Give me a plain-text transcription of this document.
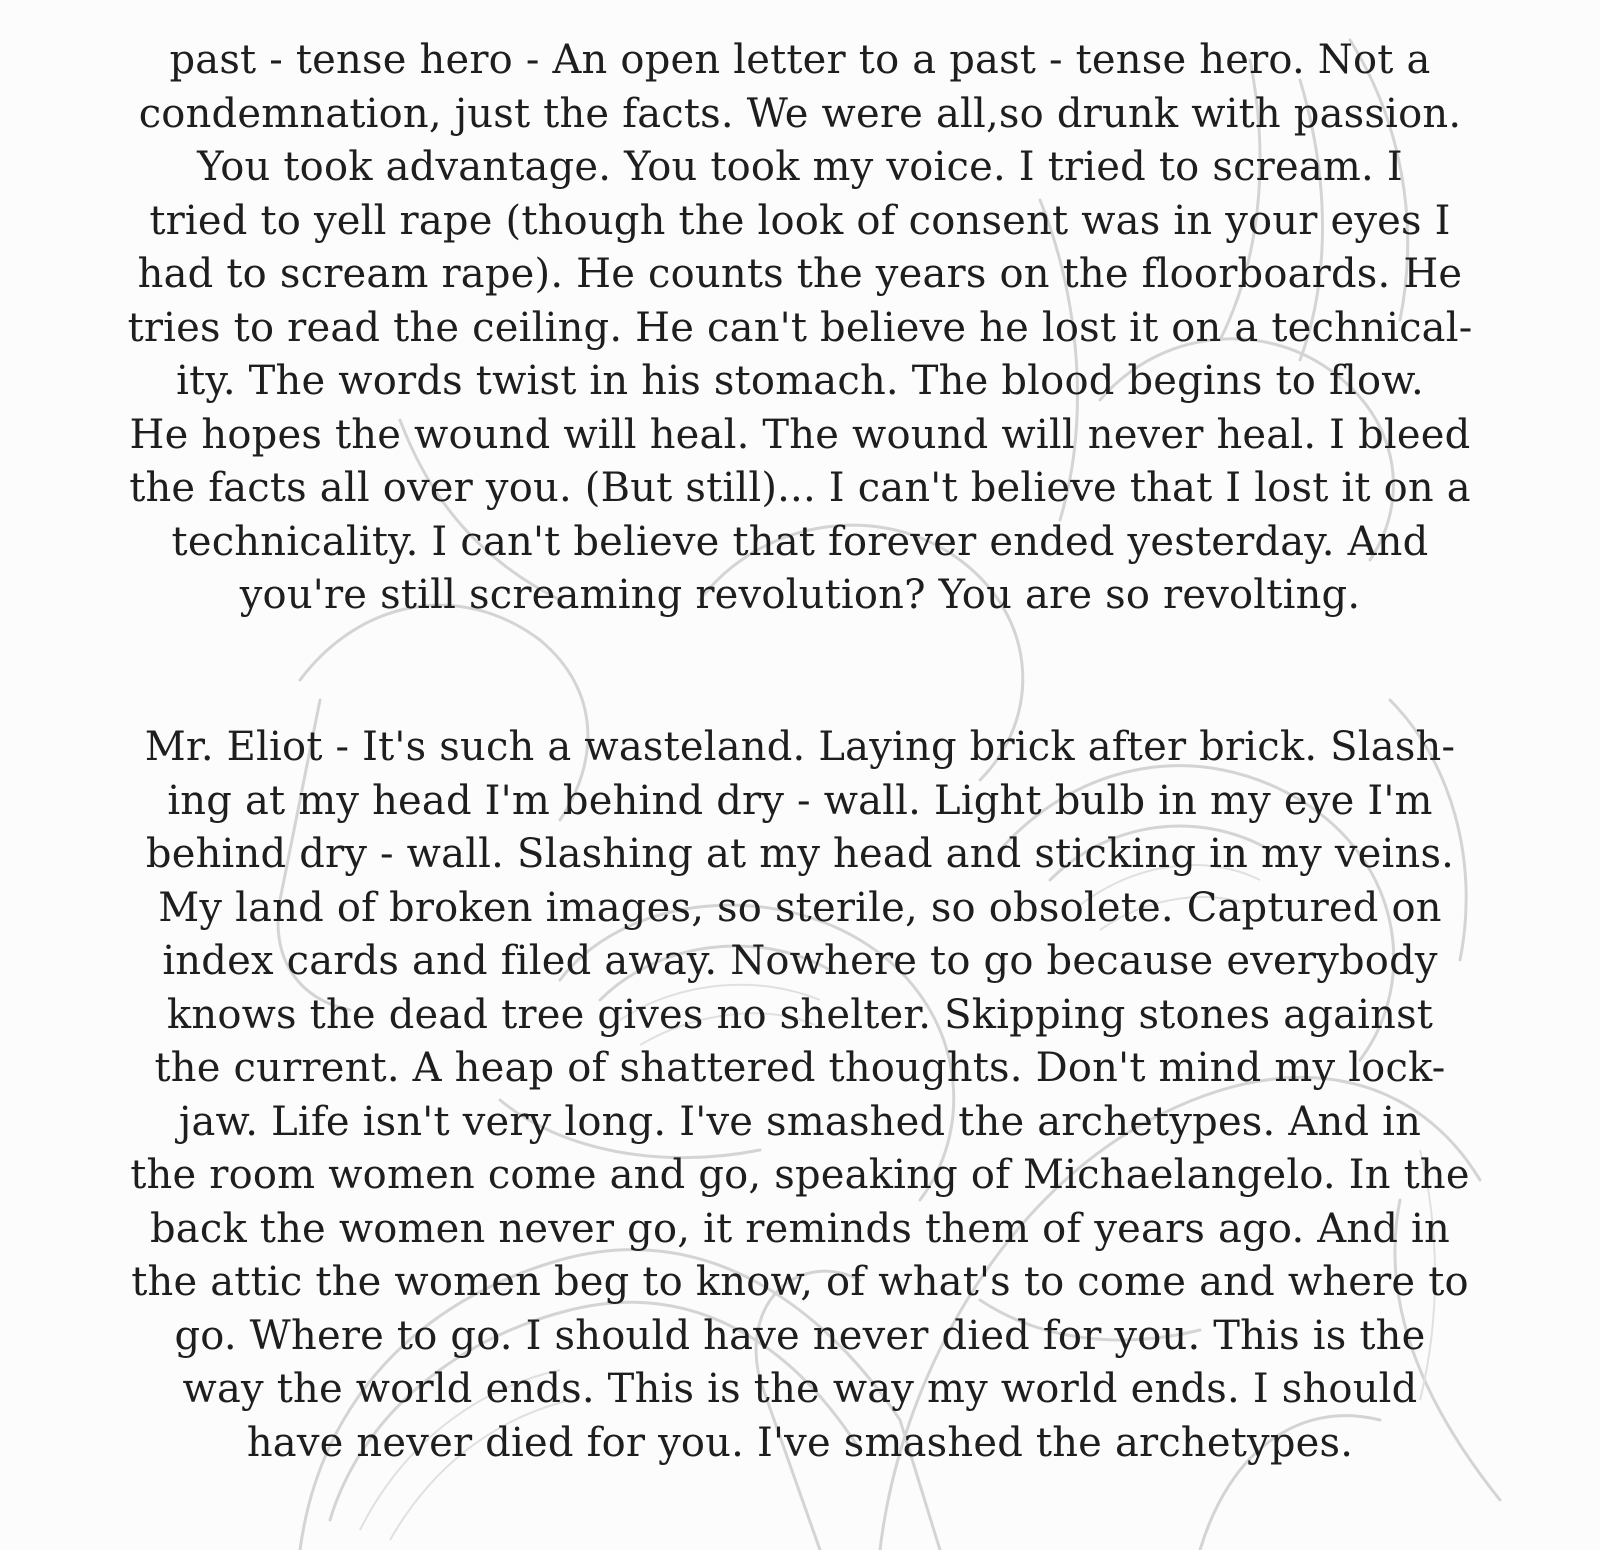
past - tense hero - An open letter to a past - tense hero. Not a
condemnation, just the facts. We were all,so drunk with passion.
You took advantage. You took my voice. I tried to scream. I
tried to yell rape (though the look of consent was in your eyes I
had to scream rape). He counts the years on the floorboards. He
tries to read the ceiling. He can't believe he lost it on a technical-
ity. The words twist in his stomach. The blood begins to flow.
He hopes the wound will heal. The wound will never heal. I bleed
the facts all over you. (But still)... I can't believe that I lost it on a
technicality. I can't believe that forever ended yesterday. And
you're still screaming revolution? You are so revolting.
Mr. Eliot - It's such a wasteland. Laying brick after brick. Slash-
ing at my head I'm behind dry - wall. Light bulb in my eye I'm
behind dry - wall. Slashing at my head and sticking in my veins.
My land of broken images, so sterile, so obsolete. Captured on
index cards and filed away. Nowhere to go because everybody
knows the dead tree gives no shelter. Skipping stones against
the current. A heap of shattered thoughts. Don't mind my lock-
jaw. Life isn't very long. I've smashed the archetypes. And in
the room women come and go, speaking of Michaelangelo. In the
back the women never go, it reminds them of years ago. And in
the attic the women beg to know, of what's to come and where to
go. Where to go. I should have never died for you. This is the
way the world ends. This is the way my world ends. I should
have never died for you. I've smashed the archetypes.
